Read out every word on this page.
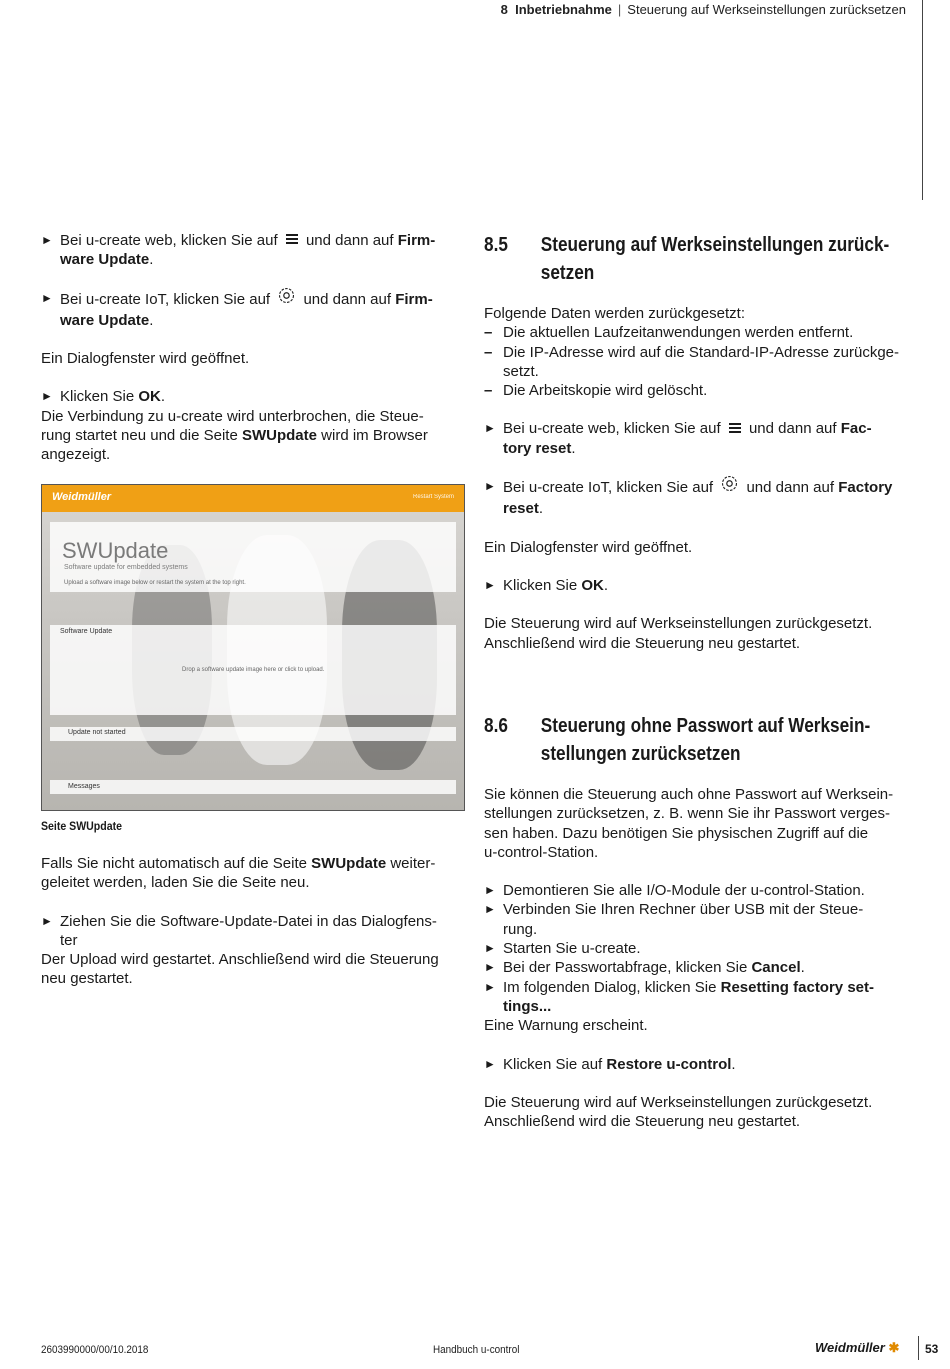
8 Inbetriebnahme | Steuerung auf Werkseinstellungen zurücksetzen
► Bei u-create web, klicken Sie auf und dann auf Firm-
ware Update.
► Bei u-create IoT, klicken Sie auf und dann auf Firm-
ware Update.

Ein Dialogfenster wird geöffnet.

► Klicken Sie OK.

Die Verbindung zu u-create wird unterbrochen, die Steue-
rung startet neu und die Seite SWUpdate wird im Browser
angezeigt.

Weidmüller	Restart System
SWUpdate
Software update for embedded systems
Upload a software image below or restart the system at the top right.
Software Update
Drop a software update image here or click to upload.
Update not started
Messages
Seite SWUpdate

Falls Sie nicht automatisch auf die Seite SWUpdate weiter-
geleitet werden, laden Sie die Seite neu.

► Ziehen Sie die Software-Update-Datei in das Dialogfens-
ter

Der Upload wird gestartet. Anschließend wird die Steuerung
neu gestartet.

8.5 Steuerung auf Werkseinstellungen zurück-
setzen

Folgende Daten werden zurückgesetzt:

– Die aktuellen Laufzeitanwendungen werden entfernt.
– Die IP-Adresse wird auf die Standard-IP-Adresse zurückge-
setzt.
– Die Arbeitskopie wird gelöscht.
► Bei u-create web, klicken Sie auf und dann auf Fac-
tory reset.
► Bei u-create IoT, klicken Sie auf und dann auf Factory
reset.

Ein Dialogfenster wird geöffnet.

► Klicken Sie OK.

Die Steuerung wird auf Werkseinstellungen zurückgesetzt.
Anschließend wird die Steuerung neu gestartet.

8.6 Steuerung ohne Passwort auf Werksein-
stellungen zurücksetzen

Sie können die Steuerung auch ohne Passwort auf Werksein-
stellungen zurücksetzen, z. B. wenn Sie ihr Passwort verges-
sen haben. Dazu benötigen Sie physischen Zugriff auf die
u-control-Station.

► Demontieren Sie alle I/O-Module der u-control-Station.
► Verbinden Sie Ihren Rechner über USB mit der Steue-
rung.
► Starten Sie u-create.
► Bei der Passwortabfrage, klicken Sie Cancel.
► Im folgenden Dialog, klicken Sie Resetting factory set-
tings...

Eine Warnung erscheint.

► Klicken Sie auf Restore u-control.

Die Steuerung wird auf Werkseinstellungen zurückgesetzt.
Anschließend wird die Steuerung neu gestartet.

2603990000/00/10.2018	Handbuch u-control	Weidmüller ✱ 53
